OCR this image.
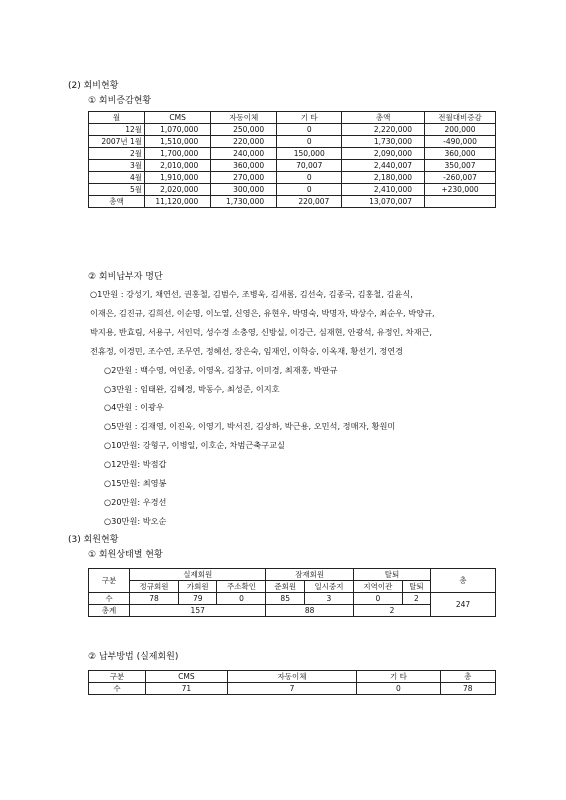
(2) 회비현황
① 회비증감현황
월	CMS	자동이체	기 타	총액	전월대비증감
12월	1,070,000	250,000	0	2,220,000	200,000
2007년 1월	1,510,000	220,000	0	1,730,000	-490,000
2월	1,700,000	240,000	150,000	2,090,000	360,000
3월	2,010,000	360,000	70,007	2,440,007	350,007
4월	1,910,000	270,000	0	2,180,000	-260,007
5월	2,020,000	300,000	0	2,410,000	+230,000
총액	11,120,000	1,730,000	220,007	13,070,007	
② 회비납부자 명단
○1만원 : 강성기, 채연선, 권홍철, 김범수, 조병욱, 김새롬, 김선숙, 김종국, 김홍철, 김윤식,
이재은, 김진규, 김희선, 이순명, 이노열, 신영은, 유현우, 박명숙, 박명자, 박상수, 최순우, 박양규,
박지용, 반효림, 서용구, 서인덕, 성수경 소충영, 신방실, 이강근, 심재현, 안광석, 유정인, 차재근,
전휴정, 이경민, 조수연, 조무연, 정혜선, 장은숙, 임재인, 이학승, 이옥재, 황선기, 정연경
○2만원 : 백수영, 여인종, 이영옥, 김창규, 이미경, 최재홍, 박판규
○3만원 : 임태완, 김혜경, 박동수, 최성준, 이지호
○4만원 : 이광우
○5만원 : 김재영, 이진욱, 이영기, 박서진, 김상하, 박근용, 오민석, 정매자, 황원미
○10만원: 강형구, 이병일, 이호순, 차범근축구교실
○12만원: 박점갑
○15만원: 최영봉
○20만원: 우경선
○30만원: 박오순
(3) 회원현황
① 회원상태별 현황
구분	실제회원			잠재회원		탈퇴		총
	정규회원	가회원	주소확인	준회원	일시중지	지역이관	탈퇴	
수	78	79	0	85	3	0	2	247
총계	157			88		2		
② 납부방법 (실제회원)
구분	CMS	자동이체	기 타	총
수	71	7	0	78
